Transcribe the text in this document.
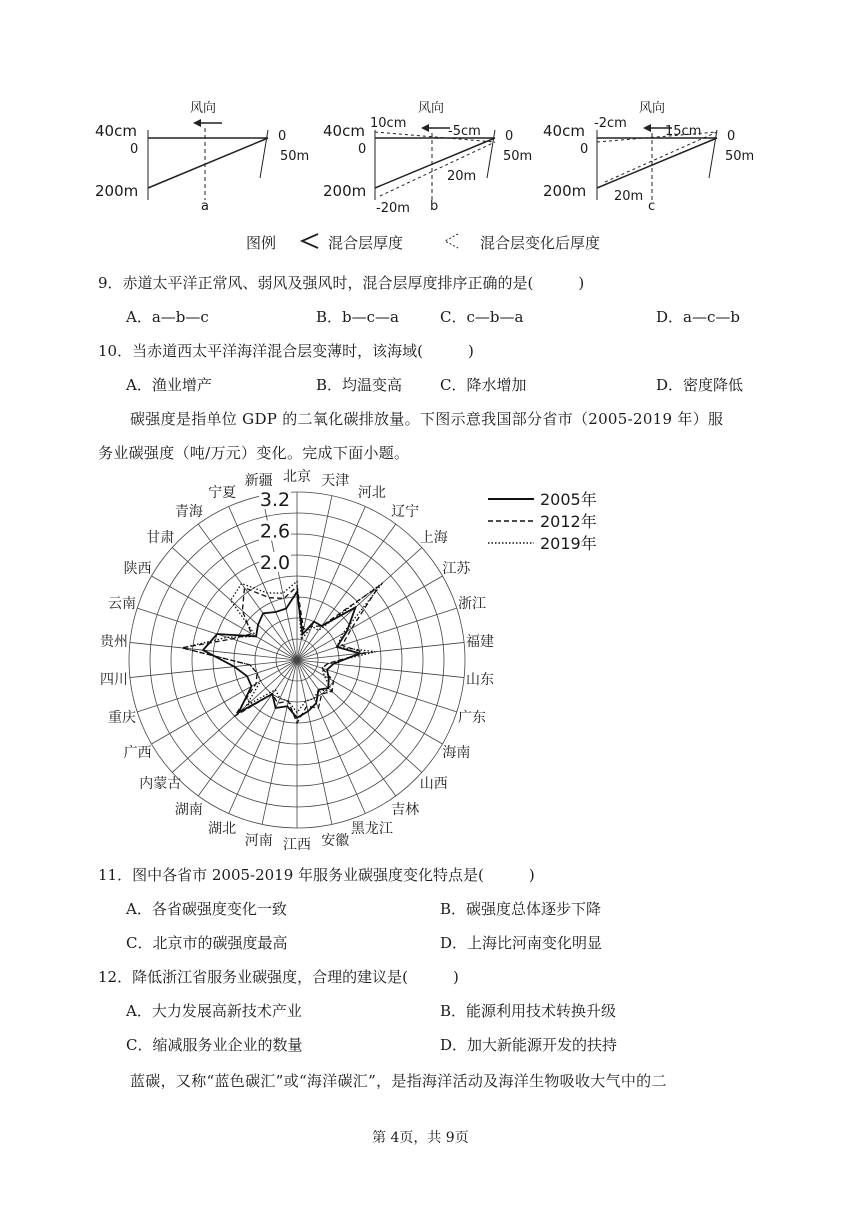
风向
40cm
0
200m
0
50m
a
风向
40cm 10cm
-5cm
0
200m
0
50m
20m
-20m b
风向
40cm -2cm
15cm
0
200m
0
50m
20m
c
图例	混合层厚度	混合层变化后厚度
9．赤道太平洋正常风、弱风及强风时，混合层厚度排序正确的是(　　　)
A．a—b—c	B．b—c—a	C．c—b—a	D．a—c—b
10．当赤道西太平洋海洋混合层变薄时，该海域(　　　)
A．渔业增产	B．均温变高	C．降水增加	D．密度降低
碳强度是指单位 GDP 的二氧化碳排放量。下图示意我国部分省市（2005-2019 年）服
务业碳强度（吨/万元）变化。完成下面小题。
北京 天津
河北
辽宁
上海
江苏
浙江
福建
山东
广东
海南
山西
吉林
黑龙江
安徽
江西
河南
湖北
湖南
内蒙古
广西
重庆
四川
贵州
云南
陕西
甘肃
青海
宁夏
新疆
3.2
2.6
2.0
2005年
2012年
2019年
11．图中各省市 2005-2019 年服务业碳强度变化特点是(　　　)
A．各省碳强度变化一致	B．碳强度总体逐步下降
C．北京市的碳强度最高	D．上海比河南变化明显
12．降低浙江省服务业碳强度，合理的建议是(　　　)
A．大力发展高新技术产业	B．能源利用技术转换升级
C．缩减服务业企业的数量	D．加大新能源开发的扶持
蓝碳，又称“蓝色碳汇”或“海洋碳汇”，是指海洋活动及海洋生物吸收大气中的二
第 4页，共 9页
